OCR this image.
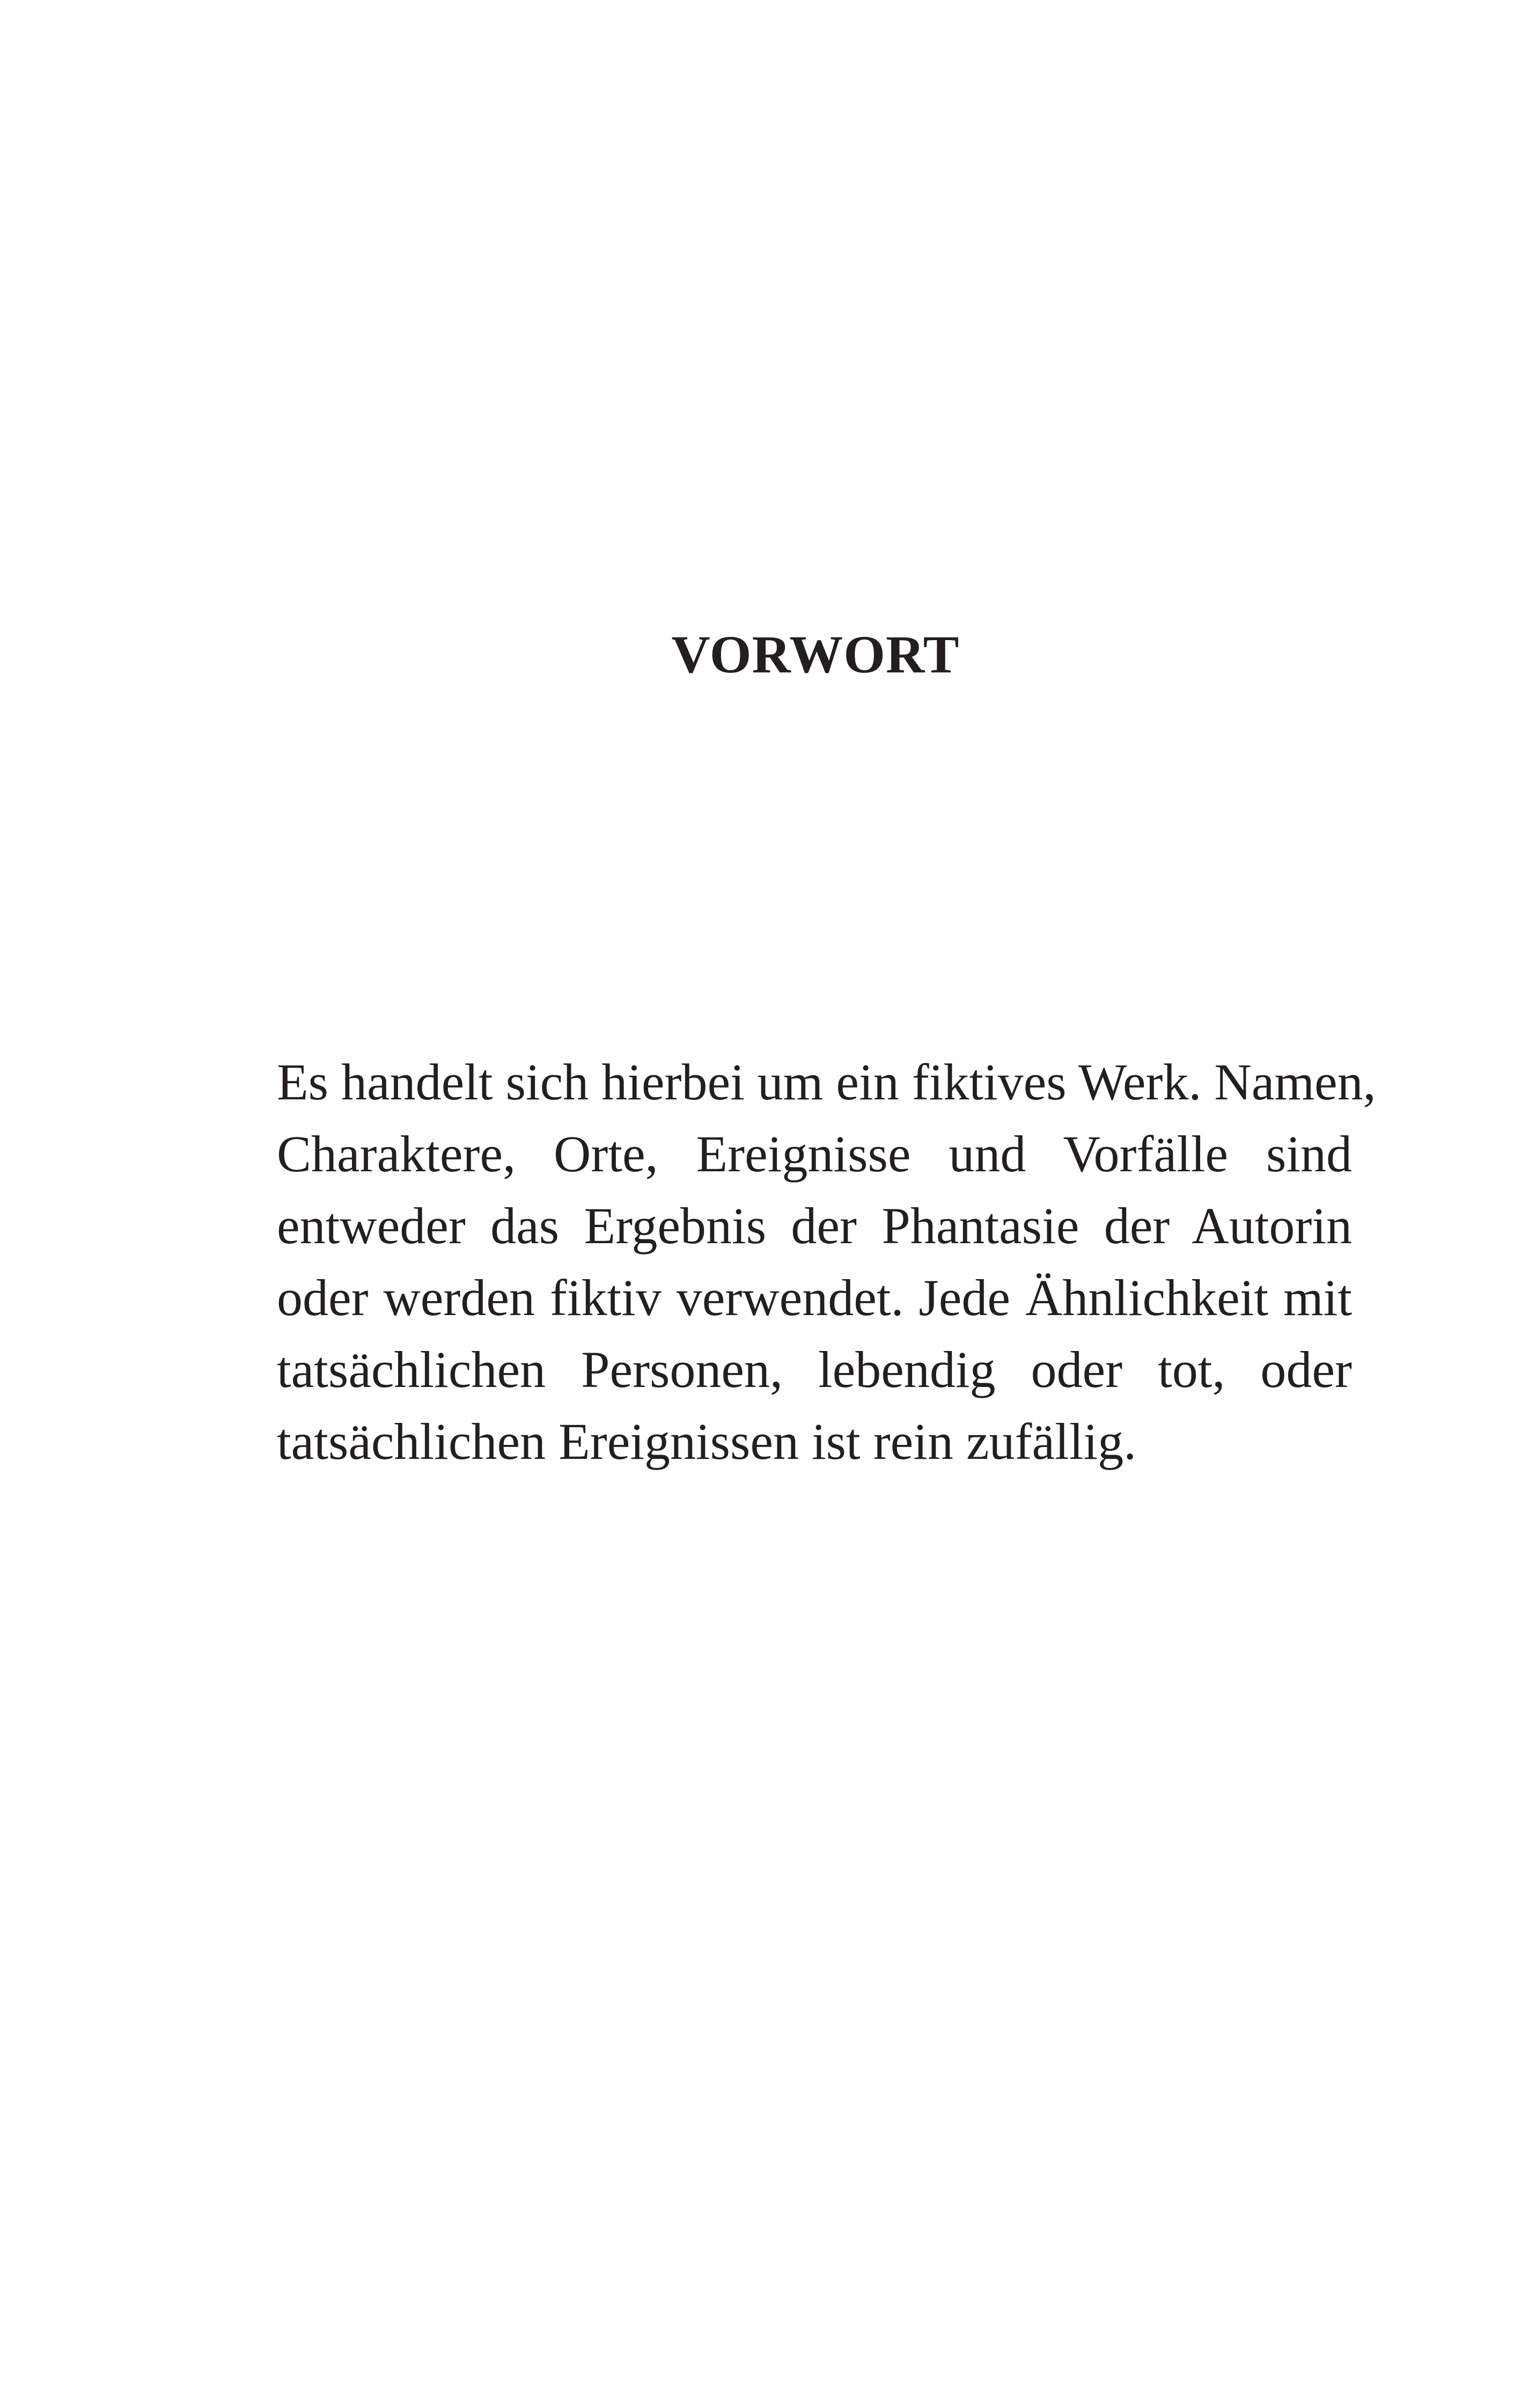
VORWORT
Es handelt sich hierbei um ein fiktives Werk. Namen,
Charaktere, Orte, Ereignisse und Vorfälle sind
entweder das Ergebnis der Phantasie der Autorin
oder werden fiktiv verwendet. Jede Ähnlichkeit mit
tatsächlichen Personen, lebendig oder tot, oder
tatsächlichen Ereignissen ist rein zufällig.
